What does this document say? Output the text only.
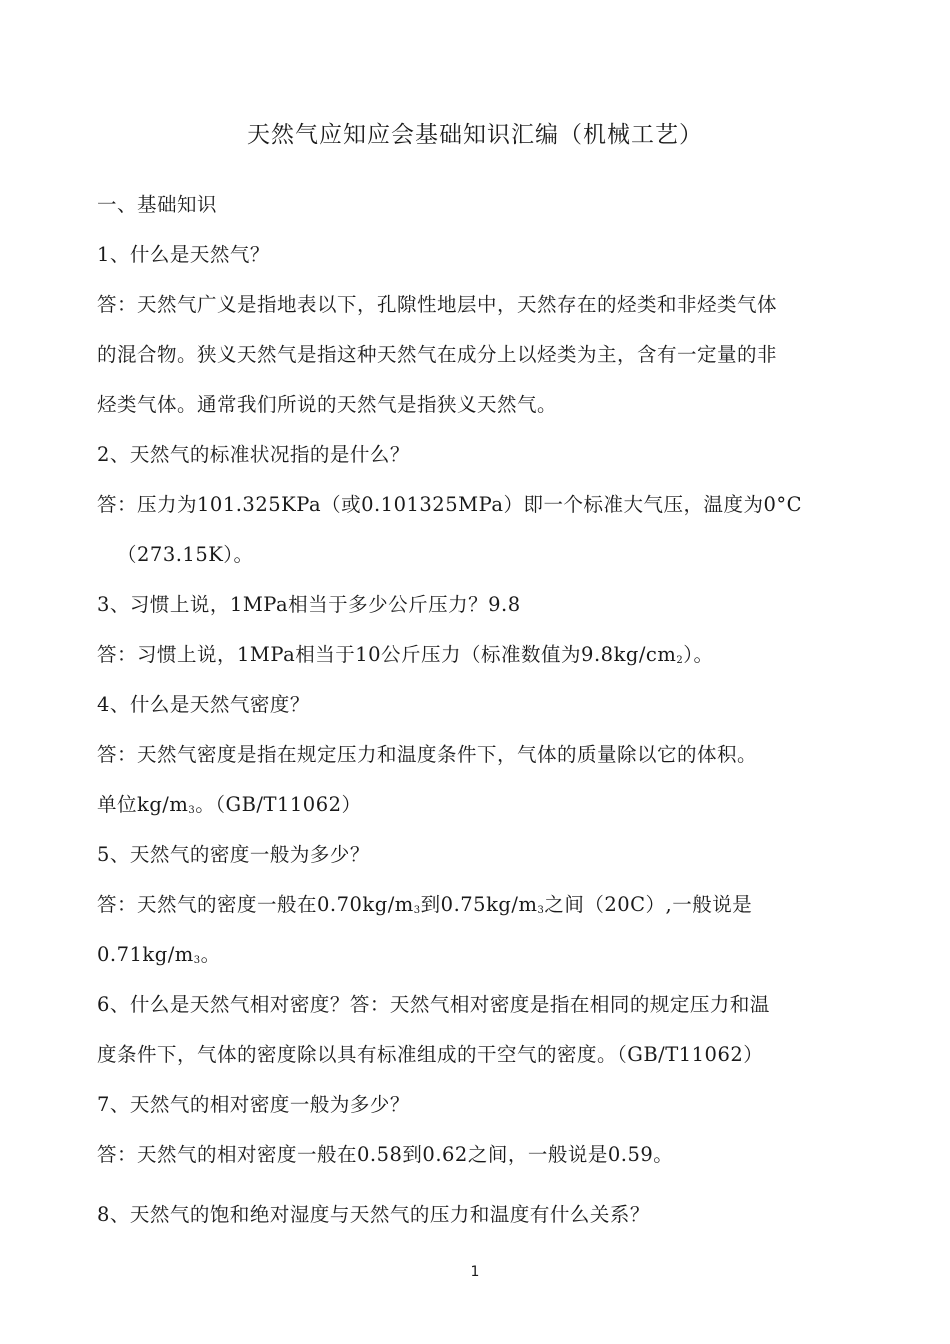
天然气应知应会基础知识汇编（机械工艺）
一、基础知识
1、什么是天然气？
答：天然气广义是指地表以下，孔隙性地层中，天然存在的烃类和非烃类气体
的混合物。狭义天然气是指这种天然气在成分上以烃类为主，含有一定量的非
烃类气体。通常我们所说的天然气是指狭义天然气。
2、天然气的标准状况指的是什么？
答：压力为101.325KPa（或0.101325MPa）即一个标准大气压，温度为0°C
（273.15K）。
3、习惯上说，1MPa相当于多少公斤压力？9.8
答：习惯上说，1MPa相当于10公斤压力（标准数值为$9.8kg/cm_2$）。
4、什么是天然气密度？
答：天然气密度是指在规定压力和温度条件下，气体的质量除以它的体积。
单位$kg/m_3$。（GB/T11062）
5、天然气的密度一般为多少？
答：天然气的密度一般在$0.70kg/m_3$到$0.75kg/m_3$之间（20C）,一般说是
$0.71kg/m_3$。
6、什么是天然气相对密度？答：天然气相对密度是指在相同的规定压力和温
度条件下，气体的密度除以具有标准组成的干空气的密度。（GB/T11062）
7、天然气的相对密度一般为多少？
答：天然气的相对密度一般在0.58到0.62之间，一般说是0.59。
8、天然气的饱和绝对湿度与天然气的压力和温度有什么关系？
1
